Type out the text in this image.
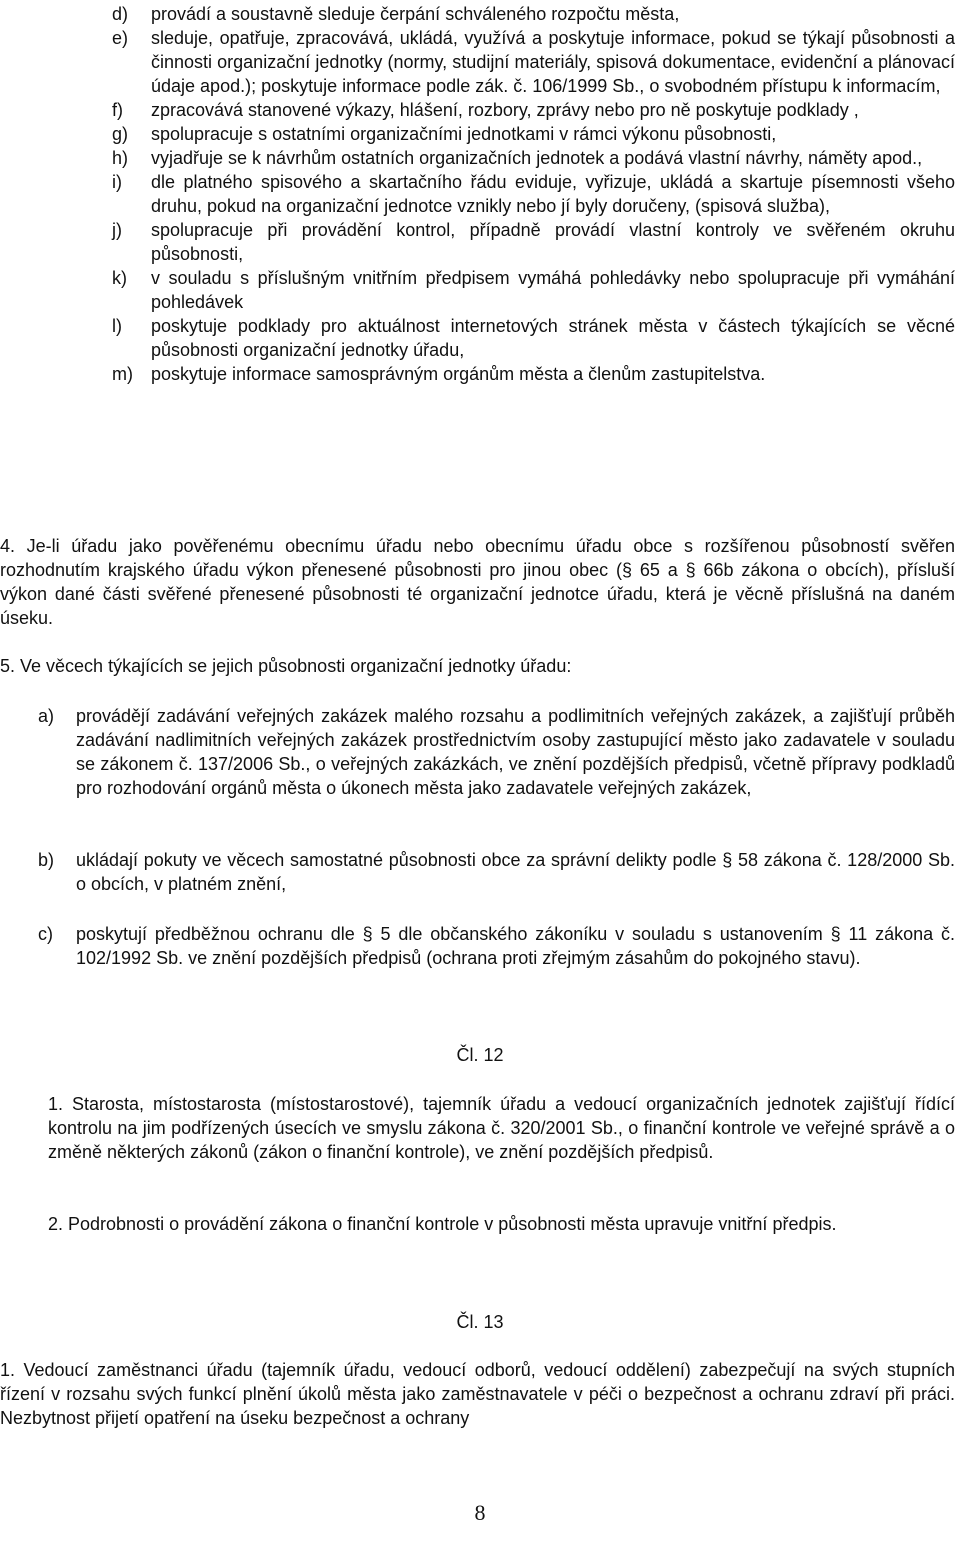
d) provádí a soustavně sleduje čerpání schváleného rozpočtu města,
e) sleduje, opatřuje, zpracovává, ukládá, využívá a poskytuje informace, pokud se týkají působnosti a činnosti organizační jednotky (normy, studijní materiály, spisová dokumentace, evidenční a plánovací údaje apod.); poskytuje informace podle zák. č. 106/1999 Sb., o svobodném přístupu k informacím,
f) zpracovává stanovené výkazy, hlášení, rozbory, zprávy nebo pro ně poskytuje podklady ,
g) spolupracuje s ostatními organizačními jednotkami v rámci výkonu působnosti,
h) vyjadřuje se k návrhům ostatních organizačních jednotek a podává vlastní návrhy, náměty apod.,
i) dle platného spisového a skartačního řádu eviduje, vyřizuje, ukládá a skartuje písemnosti všeho druhu, pokud na organizační jednotce vznikly nebo jí byly doručeny, (spisová služba),
j) spolupracuje při provádění kontrol, případně provádí vlastní kontroly ve svěřeném okruhu působnosti,
k) v souladu s příslušným vnitřním předpisem vymáhá pohledávky nebo spolupracuje při vymáhání pohledávek
l) poskytuje podklady pro aktuálnost internetových stránek města v částech týkajících se věcné působnosti organizační jednotky úřadu,
m) poskytuje informace samosprávným orgánům města a členům zastupitelstva.
4. Je-li úřadu jako pověřenému obecnímu úřadu nebo obecnímu úřadu obce s rozšířenou působností svěřen rozhodnutím krajského úřadu výkon přenesené působnosti pro jinou obec (§ 65 a § 66b zákona o obcích), přísluší výkon dané části svěřené přenesené působnosti té organizační jednotce úřadu, která je věcně příslušná na daném úseku.
5. Ve věcech týkajících se jejich působnosti organizační jednotky úřadu:
a) provádějí zadávání veřejných zakázek malého rozsahu a podlimitních veřejných zakázek, a zajišťují průběh zadávání nadlimitních veřejných zakázek prostřednictvím osoby zastupující město jako zadavatele v souladu se zákonem č. 137/2006 Sb., o veřejných zakázkách, ve znění pozdějších předpisů, včetně přípravy podkladů pro rozhodování orgánů města o úkonech města jako zadavatele veřejných zakázek,
b) ukládají pokuty ve věcech samostatné působnosti obce za správní delikty podle § 58 zákona č. 128/2000 Sb. o obcích, v platném znění,
c) poskytují předběžnou ochranu dle § 5 dle občanského zákoníku v souladu s ustanovením § 11 zákona č. 102/1992 Sb. ve znění pozdějších předpisů (ochrana proti zřejmým zásahům do pokojného stavu).
Čl. 12
1. Starosta, místostarosta (místostarostové), tajemník úřadu a vedoucí organizačních jednotek zajišťují řídící kontrolu na jim podřízených úsecích ve smyslu zákona č. 320/2001 Sb., o finanční kontrole ve veřejné správě a o změně některých zákonů (zákon o finanční kontrole), ve znění pozdějších předpisů.
2. Podrobnosti o provádění zákona o finanční kontrole v působnosti města upravuje vnitřní předpis.
Čl. 13
1. Vedoucí zaměstnanci úřadu (tajemník úřadu, vedoucí odborů, vedoucí oddělení) zabezpečují na svých stupních řízení v rozsahu svých funkcí plnění úkolů města jako zaměstnavatele v péči o bezpečnost a ochranu zdraví při práci. Nezbytnost přijetí opatření na úseku bezpečnost a ochrany
8
